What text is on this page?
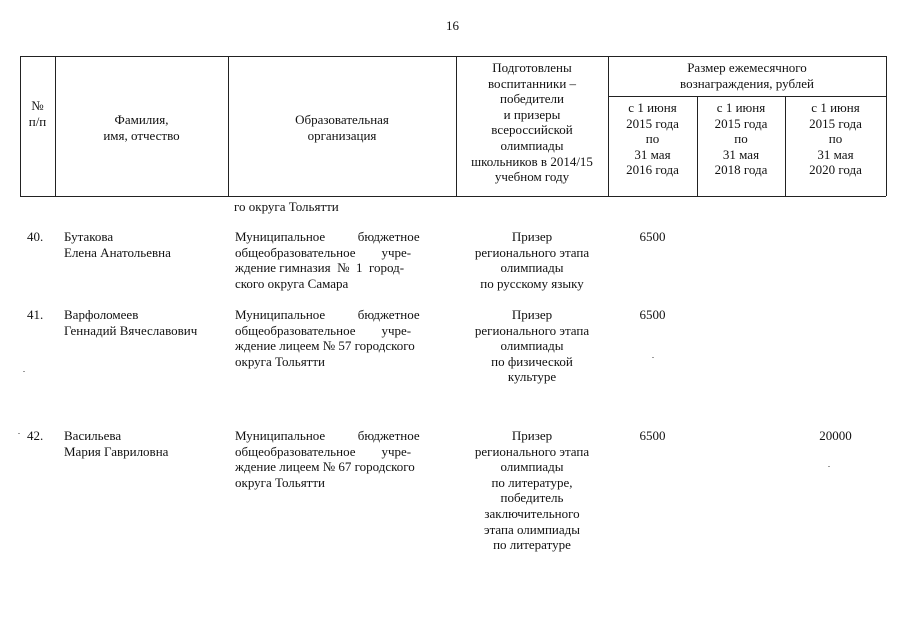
16
№
п/п	Фамилия,
имя, отчество
Образовательная
организация
Подготовлены
воспитанники –
победители
и призеры
всероссийской
олимпиады
школьников в 2014/15
учебном году
Размер ежемесячного
вознаграждения, рублей
с 1 июня
2015 года
по
31 мая
2016 года
с 1 июня
2015 года
по
31 мая
2018 года
с 1 июня
2015 года
по
31 мая
2020 года
го округа Тольятти
40. Бутакова
Елена Анатольевна
Муниципальное          бюджетное
общеобразовательное        учре-
ждение гимназия  №  1  город-
ского округа Самара
Призер
регионального этапа
олимпиады
по русскому языку
6500
41. Варфоломеев
Геннадий Вячеславович
Муниципальное          бюджетное
общеобразовательное        учре-
ждение лицеем № 57 городского
округа Тольятти
Призер
регионального этапа
олимпиады
по физической
культуре
6500
42. Васильева
Мария Гавриловна
Муниципальное          бюджетное
общеобразовательное        учре-
ждение лицеем № 67 городского
округа Тольятти
Призер
регионального этапа
олимпиады
по литературе,
победитель
заключительного
этапа олимпиады
по литературе
6500	20000
